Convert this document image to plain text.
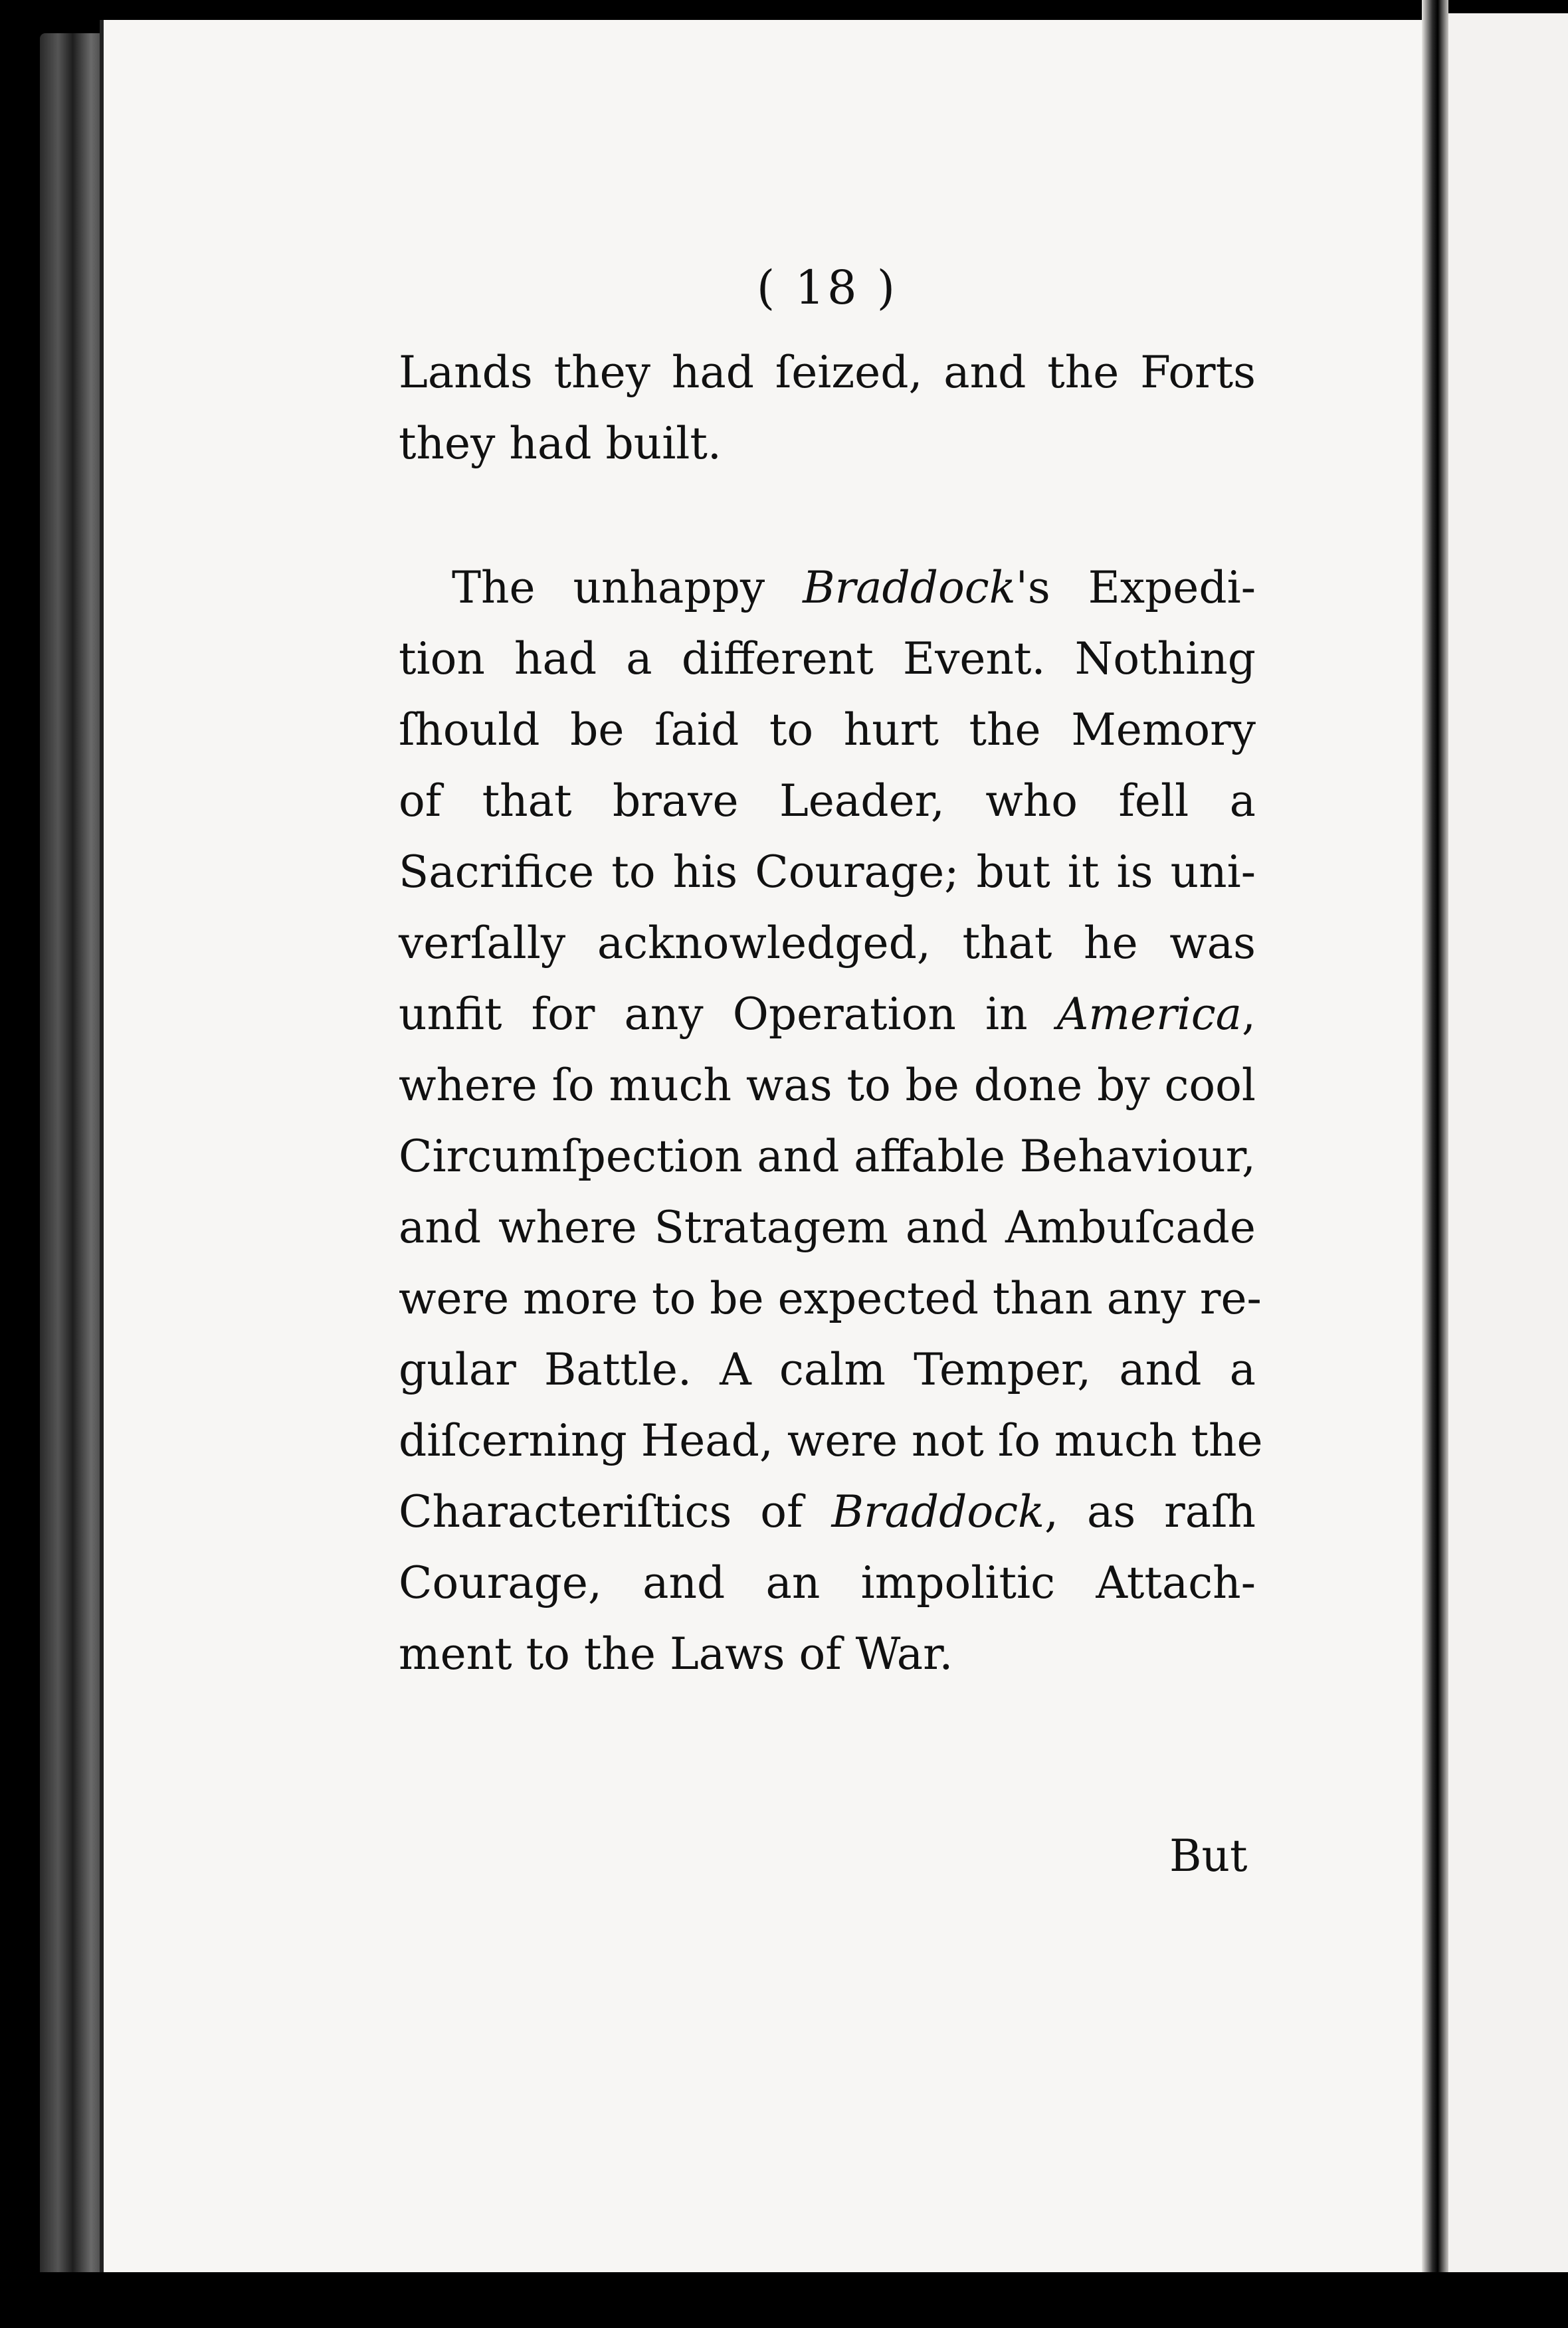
( 18 )
Lands they had ſeized, and the Forts
they had built.
The unhappy Braddock's Expedi-
tion had a different Event. Nothing
ſhould be ſaid to hurt the Memory
of that brave Leader, who fell a
Sacrifice to his Courage; but it is uni-
verſally acknowledged, that he was
unfit for any Operation in America,
where ſo much was to be done by cool
Circumſpection and affable Behaviour,
and where Stratagem and Ambuſcade
were more to be expected than any re-
gular Battle. A calm Temper, and a
diſcerning Head, were not ſo much the
Characteriſtics of Braddock, as raſh
Courage, and an impolitic Attach-
ment to the Laws of War.
But
